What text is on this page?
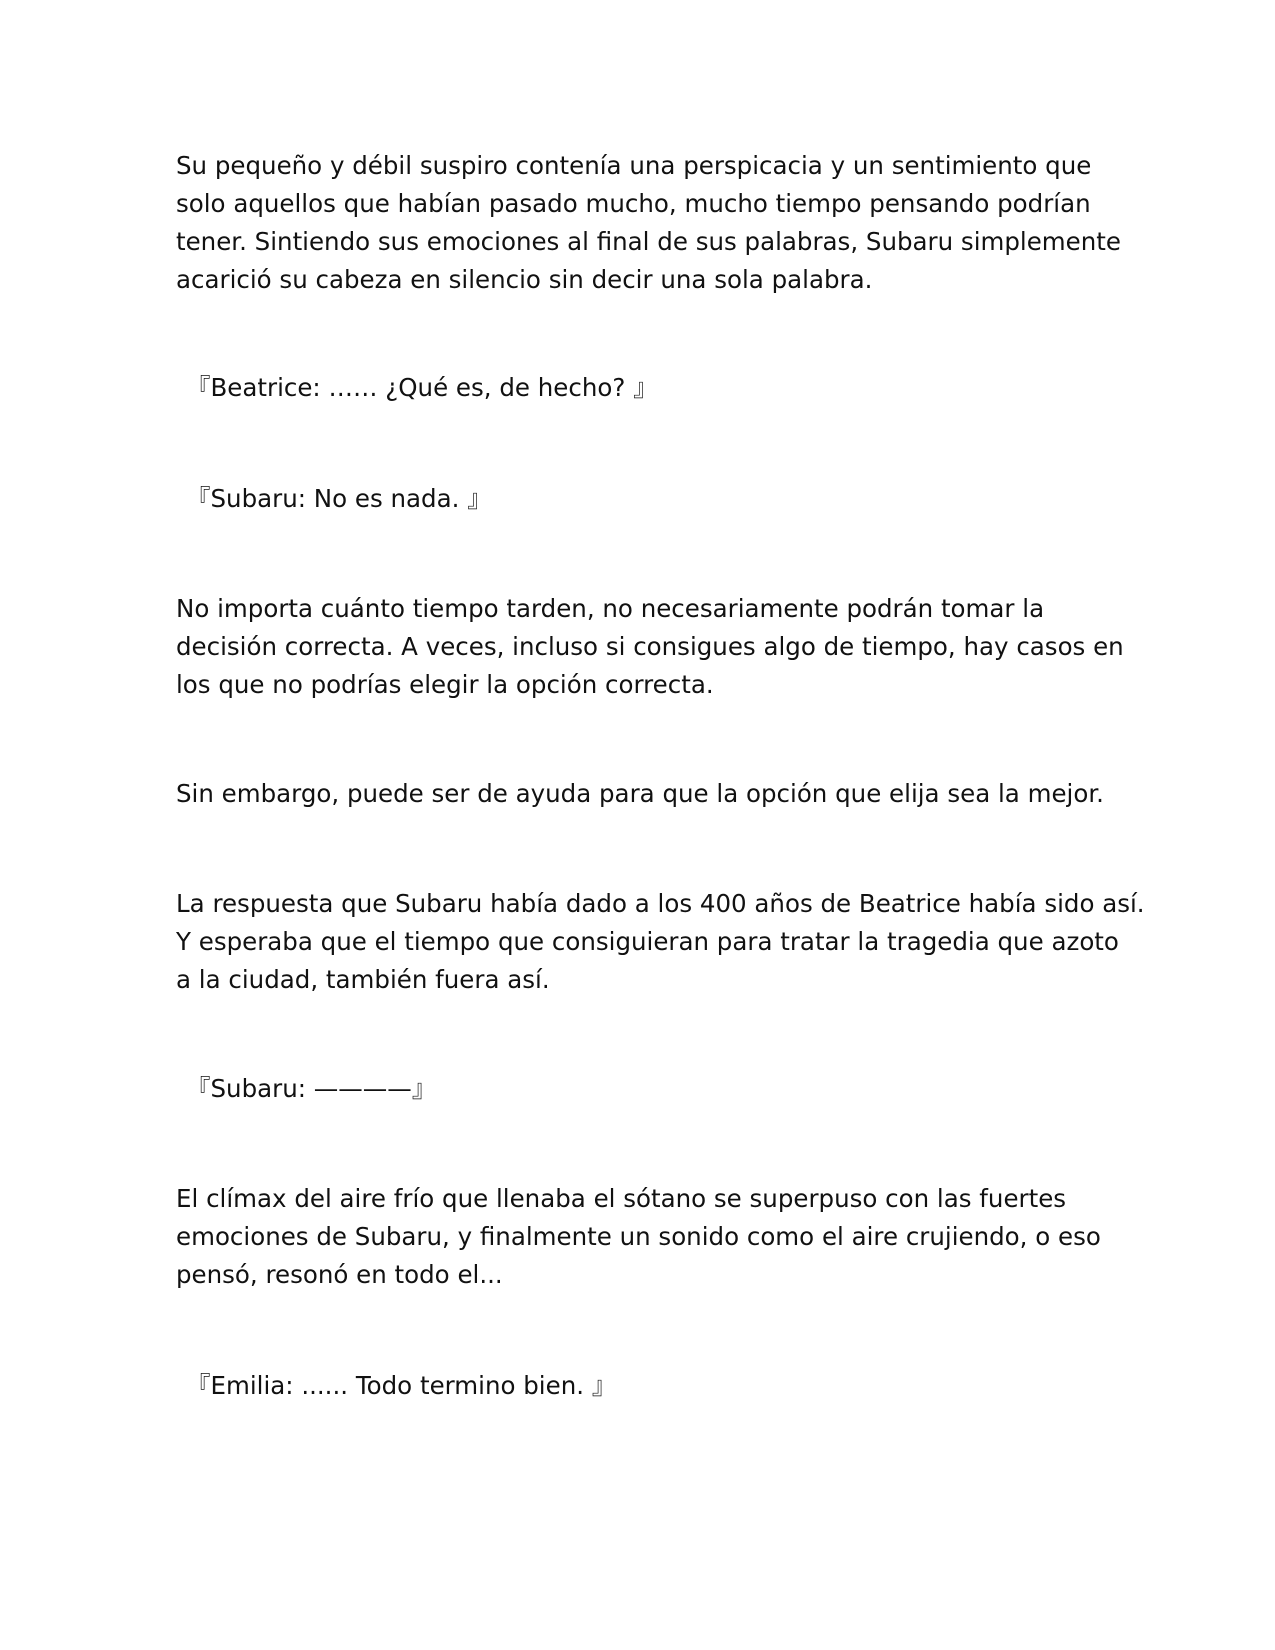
Su pequeño y débil suspiro contenía una perspicacia y un sentimiento que
solo aquellos que habían pasado mucho, mucho tiempo pensando podrían
tener. Sintiendo sus emociones al final de sus palabras, Subaru simplemente
acarició su cabeza en silencio sin decir una sola palabra.

『Beatrice: …… ¿Qué es, de hecho? 』

『Subaru: No es nada. 』

No importa cuánto tiempo tarden, no necesariamente podrán tomar la
decisión correcta. A veces, incluso si consigues algo de tiempo, hay casos en
los que no podrías elegir la opción correcta.

Sin embargo, puede ser de ayuda para que la opción que elija sea la mejor.

La respuesta que Subaru había dado a los 400 años de Beatrice había sido así.
Y esperaba que el tiempo que consiguieran para tratar la tragedia que azoto
a la ciudad, también fuera así.

『Subaru: ————』

El clímax del aire frío que llenaba el sótano se superpuso con las fuertes
emociones de Subaru, y finalmente un sonido como el aire crujiendo, o eso
pensó, resonó en todo el...

『Emilia: ...... Todo termino bien. 』
